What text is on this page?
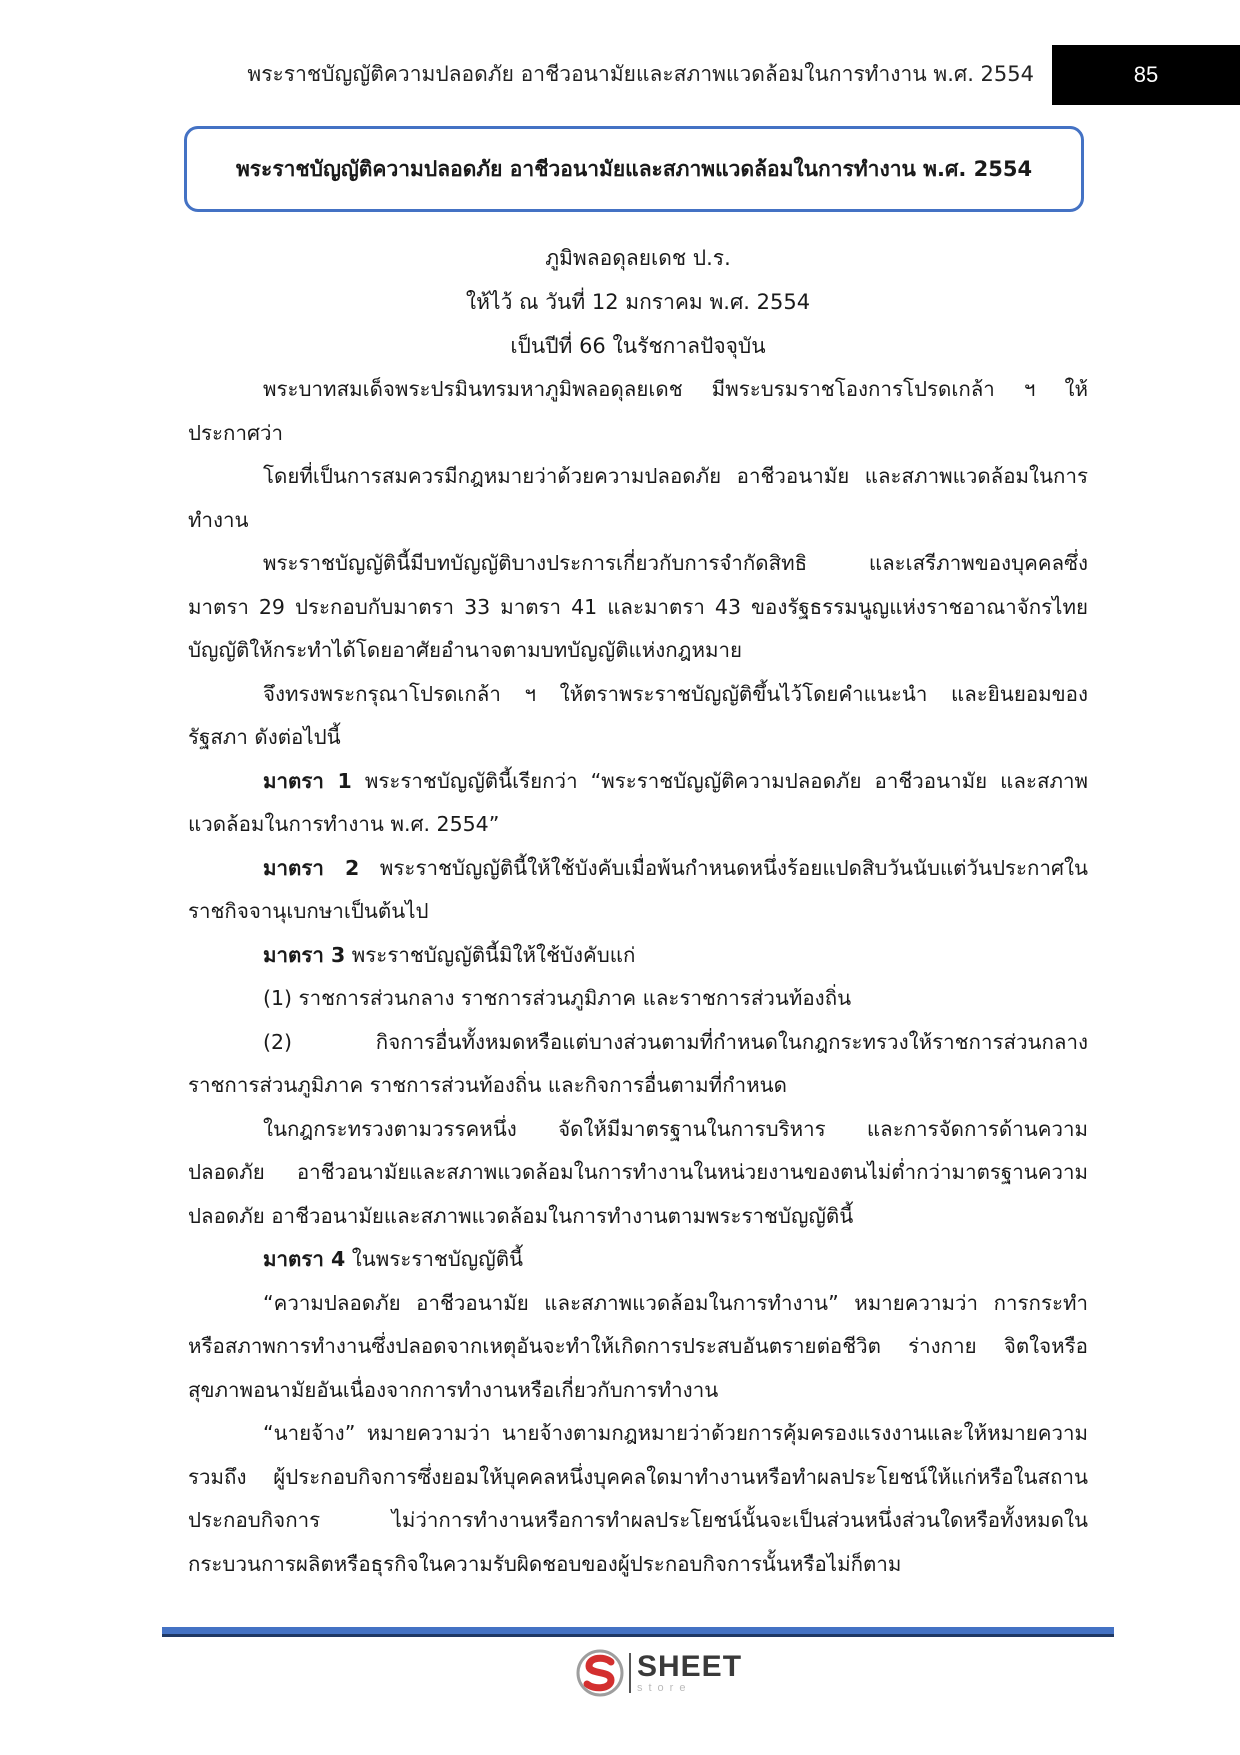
พระราชบัญญัติความปลอดภัย อาชีวอนามัยและสภาพแวดล้อมในการทำงาน พ.ศ. 2554	85
พระราชบัญญัติความปลอดภัย อาชีวอนามัยและสภาพแวดล้อมในการทำงาน พ.ศ. 2554
ภูมิพลอดุลยเดช ป.ร.
ให้ไว้ ณ วันที่ 12 มกราคม พ.ศ. 2554
เป็นปีที่ 66 ในรัชกาลปัจจุบัน

พระบาทสมเด็จพระปรมินทรมหาภูมิพลอดุลยเดช มีพระบรมราชโองการโปรดเกล้า ฯ ให้ประกาศว่า

โดยที่เป็นการสมควรมีกฎหมายว่าด้วยความปลอดภัย อาชีวอนามัย และสภาพแวดล้อมในการทำงาน

พระราชบัญญัตินี้มีบทบัญญัติบางประการเกี่ยวกับการจำกัดสิทธิ และเสรีภาพของบุคคลซึ่งมาตรา 29 ประกอบกับมาตรา 33 มาตรา 41 และมาตรา 43 ของรัฐธรรมนูญแห่งราชอาณาจักรไทย บัญญัติให้กระทำได้โดยอาศัยอำนาจตามบทบัญญัติแห่งกฎหมาย

จึงทรงพระกรุณาโปรดเกล้า ฯ ให้ตราพระราชบัญญัติขึ้นไว้โดยคำแนะนำ และยินยอมของรัฐสภา ดังต่อไปนี้

มาตรา 1 พระราชบัญญัตินี้เรียกว่า “พระราชบัญญัติความปลอดภัย อาชีวอนามัย และสภาพแวดล้อมในการทำงาน พ.ศ. 2554”

มาตรา 2 พระราชบัญญัตินี้ให้ใช้บังคับเมื่อพ้นกำหนดหนึ่งร้อยแปดสิบวันนับแต่วันประกาศในราชกิจจานุเบกษาเป็นต้นไป

มาตรา 3 พระราชบัญญัตินี้มิให้ใช้บังคับแก่

(1) ราชการส่วนกลาง ราชการส่วนภูมิภาค และราชการส่วนท้องถิ่น

(2) กิจการอื่นทั้งหมดหรือแต่บางส่วนตามที่กำหนดในกฎกระทรวงให้ราชการส่วนกลาง ราชการส่วนภูมิภาค ราชการส่วนท้องถิ่น และกิจการอื่นตามที่กำหนด

ในกฎกระทรวงตามวรรคหนึ่ง จัดให้มีมาตรฐานในการบริหาร และการจัดการด้านความปลอดภัย อาชีวอนามัยและสภาพแวดล้อมในการทำงานในหน่วยงานของตนไม่ต่ำกว่ามาตรฐานความปลอดภัย อาชีวอนามัยและสภาพแวดล้อมในการทำงานตามพระราชบัญญัตินี้

มาตรา 4 ในพระราชบัญญัตินี้

“ความปลอดภัย อาชีวอนามัย และสภาพแวดล้อมในการทำงาน” หมายความว่า การกระทำหรือสภาพการทำงานซึ่งปลอดจากเหตุอันจะทำให้เกิดการประสบอันตรายต่อชีวิต ร่างกาย จิตใจหรือสุขภาพอนามัยอันเนื่องจากการทำงานหรือเกี่ยวกับการทำงาน

“นายจ้าง” หมายความว่า นายจ้างตามกฎหมายว่าด้วยการคุ้มครองแรงงานและให้หมายความรวมถึง ผู้ประกอบกิจการซึ่งยอมให้บุคคลหนึ่งบุคคลใดมาทำงานหรือทำผลประโยชน์ให้แก่หรือในสถานประกอบกิจการ ไม่ว่าการทำงานหรือการทำผลประโยชน์นั้นจะเป็นส่วนหนึ่งส่วนใดหรือทั้งหมดในกระบวนการผลิตหรือธุรกิจในความรับผิดชอบของผู้ประกอบกิจการนั้นหรือไม่ก็ตาม

SHEET
store
